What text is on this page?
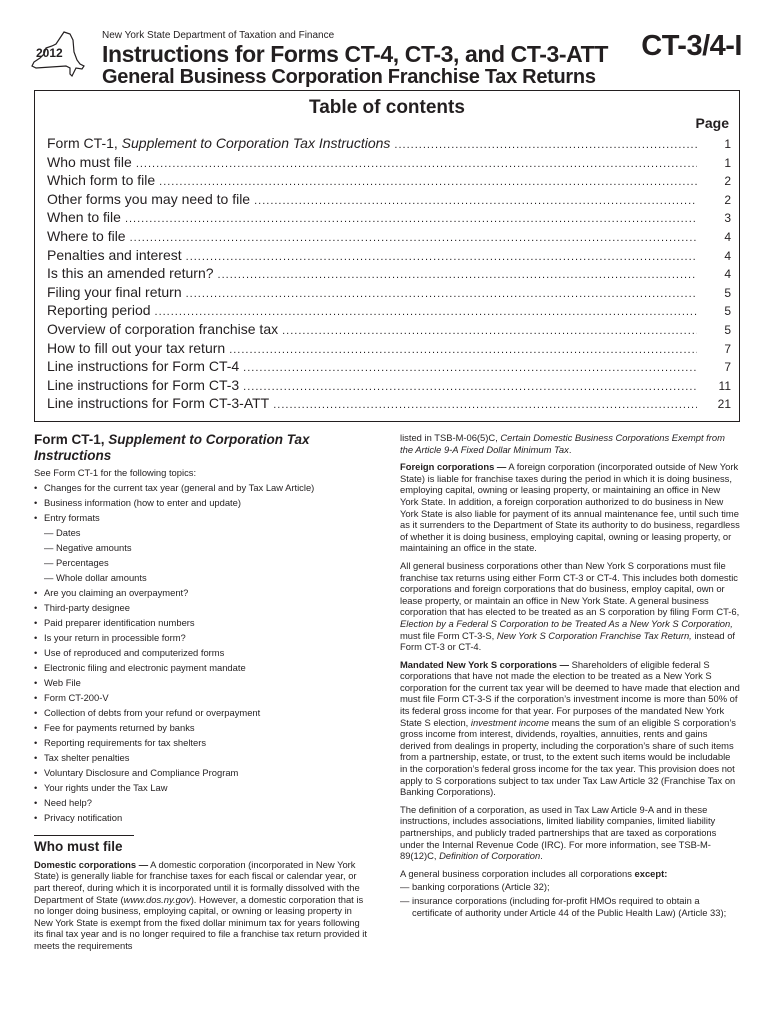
2012
New York State Department of Taxation and Finance
Instructions for Forms CT-4, CT-3, and CT-3-ATT
General Business Corporation Franchise Tax Returns
CT-3/4-I
Table of contents
Page
Form CT-1, Supplement to Corporation Tax Instructions .....	1
Who must file .....	1
Which form to file .....	2
Other forms you may need to file .....	2
When to file .....	3
Where to file .....	4
Penalties and interest .....	4
Is this an amended return? .....	4
Filing your final return .....	5
Reporting period .....	5
Overview of corporation franchise tax .....	5
How to fill out your tax return .....	7
Line instructions for Form CT-4 .....	7
Line instructions for Form CT-3 .....	11
Line instructions for Form CT-3-ATT .....	21
Form CT-1, Supplement to Corporation Tax Instructions
See Form CT-1 for the following topics:
• Changes for the current tax year (general and by Tax Law Article)
• Business information (how to enter and update)
• Entry formats
— Dates
— Negative amounts
— Percentages
— Whole dollar amounts
• Are you claiming an overpayment?
• Third-party designee
• Paid preparer identification numbers
• Is your return in processible form?
• Use of reproduced and computerized forms
• Electronic filing and electronic payment mandate
• Web File
• Form CT-200-V
• Collection of debts from your refund or overpayment
• Fee for payments returned by banks
• Reporting requirements for tax shelters
• Tax shelter penalties
• Voluntary Disclosure and Compliance Program
• Your rights under the Tax Law
• Need help?
• Privacy notification
Who must file
Domestic corporations — A domestic corporation (incorporated in New York State) is generally liable for franchise taxes for each fiscal or calendar year, or part thereof, during which it is incorporated until it is formally dissolved with the Department of State (www.dos.ny.gov). However, a domestic corporation that is no longer doing business, employing capital, or owning or leasing property in New York State is exempt from the fixed dollar minimum tax for years following its final tax year and is no longer required to file a franchise tax return provided it meets the requirements
listed in TSB-M-06(5)C, Certain Domestic Business Corporations Exempt from the Article 9-A Fixed Dollar Minimum Tax.
Foreign corporations — A foreign corporation (incorporated outside of New York State) is liable for franchise taxes during the period in which it is doing business, employing capital, owning or leasing property, or maintaining an office in New York State. In addition, a foreign corporation authorized to do business in New York State is also liable for payment of its annual maintenance fee, until such time as it surrenders to the Department of State its authority to do business, regardless of whether it is doing business, employing capital, owning or leasing property, or maintaining an office in the state.
All general business corporations other than New York S corporations must file franchise tax returns using either Form CT-3 or CT-4. This includes both domestic corporations and foreign corporations that do business, employ capital, own or lease property, or maintain an office in New York State. A general business corporation that has elected to be treated as an S corporation by filing Form CT-6, Election by a Federal S Corporation to be Treated As a New York S Corporation, must file Form CT-3-S, New York S Corporation Franchise Tax Return, instead of Form CT-3 or CT-4.
Mandated New York S corporations — Shareholders of eligible federal S corporations that have not made the election to be treated as a New York S corporation for the current tax year will be deemed to have made that election and must file Form CT-3-S if the corporation’s investment income is more than 50% of its federal gross income for that year. For purposes of the mandated New York State S election, investment income means the sum of an eligible S corporation’s gross income from interest, dividends, royalties, annuities, rents and gains derived from dealings in property, including the corporation’s share of such items from a partnership, estate, or trust, to the extent such items would be includable in the corporation’s federal gross income for the tax year. This provision does not apply to S corporations subject to tax under Tax Law Article 32 (Franchise Tax on Banking Corporations).
The definition of a corporation, as used in Tax Law Article 9-A and in these instructions, includes associations, limited liability companies, limited liability partnerships, and publicly traded partnerships that are taxed as corporations under the Internal Revenue Code (IRC). For more information, see TSB-M-89(12)C, Definition of Corporation.
A general business corporation includes all corporations except:
— banking corporations (Article 32);
— insurance corporations (including for-profit HMOs required to obtain a certificate of authority under Article 44 of the Public Health Law) (Article 33);
